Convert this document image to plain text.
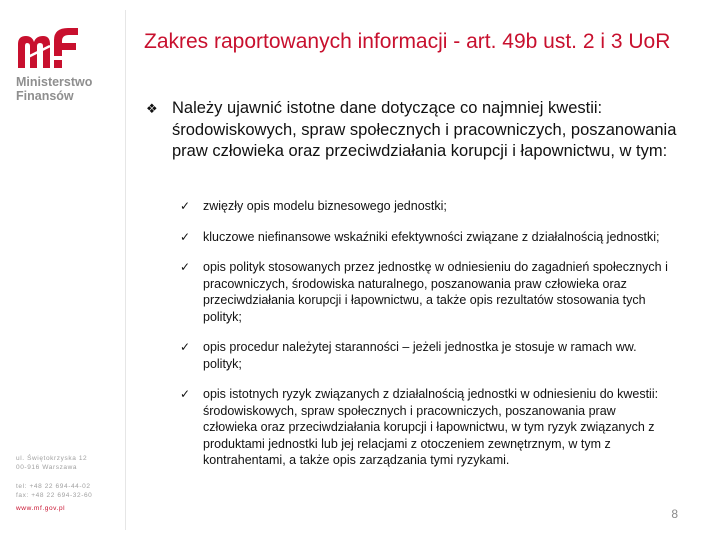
Ministerstwo
Finansów
ul. Świętokrzyska 12
00-916 Warszawa
tel: +48 22 694-44-02
fax: +48 22 694-32-60
www.mf.gov.pl
Zakres raportowanych informacji - art. 49b ust. 2 i 3 UoR
❖ Należy ujawnić istotne dane dotyczące co najmniej kwestii: środowiskowych, spraw społecznych i pracowniczych, poszanowania praw człowieka oraz przeciwdziałania korupcji i łapownictwu, w tym:
✓ zwięzły opis modelu biznesowego jednostki;
✓ kluczowe niefinansowe wskaźniki efektywności związane z działalnością jednostki;
✓ opis polityk stosowanych przez jednostkę w odniesieniu do zagadnień społecznych i pracowniczych, środowiska naturalnego, poszanowania praw człowieka oraz przeciwdziałania korupcji i łapownictwu, a także opis rezultatów stosowania tych polityk;
✓ opis procedur należytej staranności – jeżeli jednostka je stosuje w ramach ww. polityk;
✓ opis istotnych ryzyk związanych z działalnością jednostki w odniesieniu do kwestii: środowiskowych, spraw społecznych i pracowniczych, poszanowania praw człowieka oraz przeciwdziałania korupcji i łapownictwu, w tym ryzyk związanych z produktami jednostki lub jej relacjami z otoczeniem zewnętrznym, w tym z kontrahentami, a także opis zarządzania tymi ryzykami.
8
